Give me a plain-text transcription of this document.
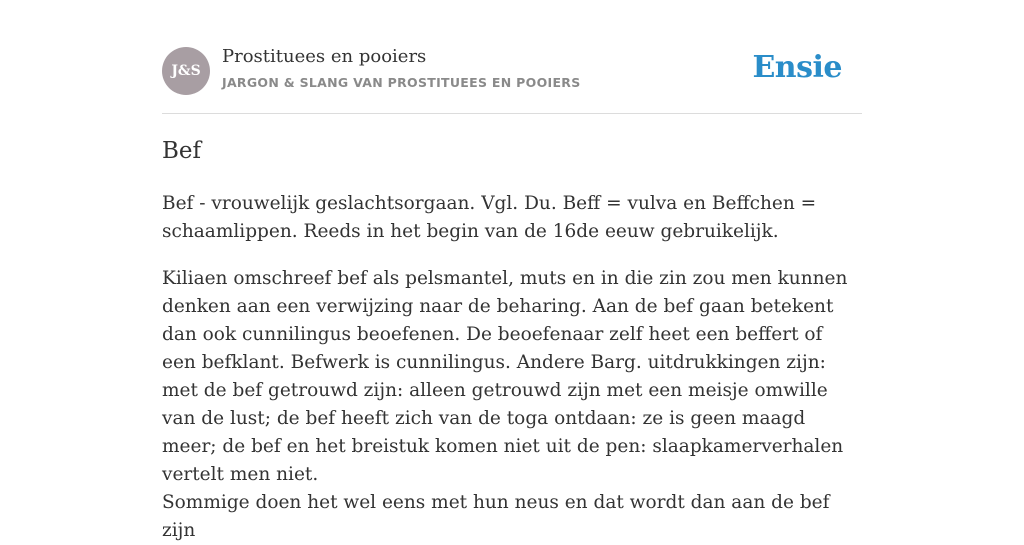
J&S
Prostituees en pooiers
JARGON & SLANG VAN PROSTITUEES EN POOIERS	Ensie
Bef

Bef - vrouwelijk geslachtsorgaan. Vgl. Du. Beff = vulva en Beffchen = schaamlippen. Reeds in het begin van de 16de eeuw gebruikelijk.

Kiliaen omschreef bef als pelsmantel, muts en in die zin zou men kunnen denken aan een verwijzing naar de beharing. Aan de bef gaan betekent dan ook cunnilingus beoefenen. De beoefenaar zelf heet een beffert of een befklant. Befwerk is cunnilingus. Andere Barg. uitdrukkingen zijn: met de bef getrouwd zijn: alleen getrouwd zijn met een meisje omwille van de lust; de bef heeft zich van de toga ontdaan: ze is geen maagd meer; de bef en het breistuk komen niet uit de pen: slaapkamerverhalen vertelt men niet.

Sommige doen het wel eens met hun neus en dat wordt dan aan de bef zijn
